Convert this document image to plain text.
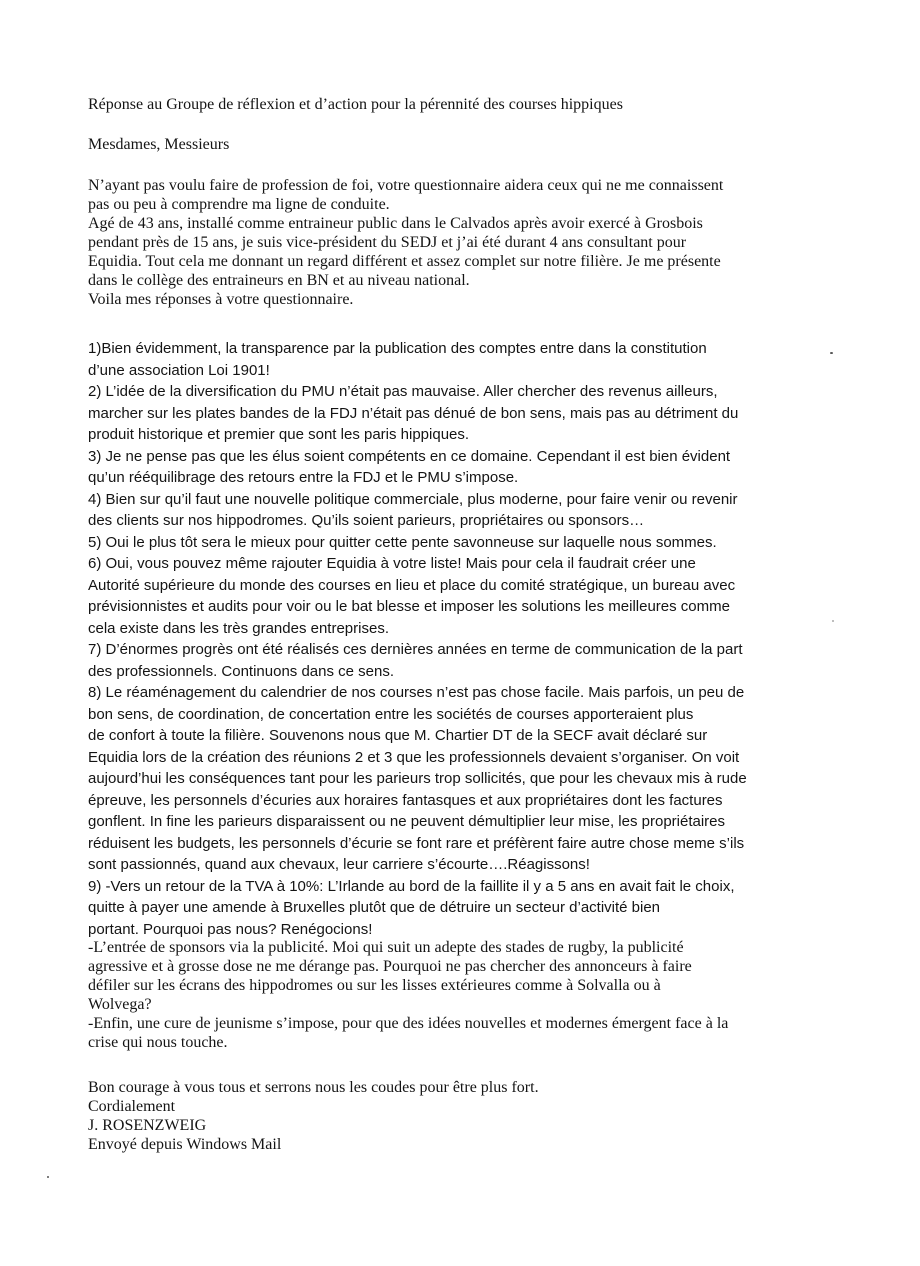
Réponse au Groupe de réflexion et d’action pour la pérennité des courses hippiques
Mesdames, Messieurs
N’ayant pas voulu faire de profession de foi, votre questionnaire aidera ceux qui ne me connaissent
pas ou peu à comprendre ma ligne de conduite.
Agé de 43 ans, installé comme entraineur public dans le Calvados après avoir exercé à Grosbois
pendant près de 15 ans, je suis vice-président du SEDJ et j’ai été durant 4 ans consultant pour
Equidia. Tout cela me donnant un regard différent et assez complet sur notre filière. Je me présente
dans le collège des entraineurs en BN et au niveau national.
Voila mes réponses à votre questionnaire.
1)Bien évidemment, la transparence par la publication des comptes entre dans la constitution
d’une association Loi 1901!
2) L’idée de la diversification du PMU n’était pas mauvaise. Aller chercher des revenus ailleurs,
marcher sur les plates bandes de la FDJ n’était pas dénué de bon sens, mais pas au détriment du
produit historique et premier que sont les paris hippiques.
3) Je ne pense pas que les élus soient compétents en ce domaine. Cependant il est bien évident
qu’un rééquilibrage des retours entre la FDJ et le PMU s’impose.
4) Bien sur qu’il faut une nouvelle politique commerciale, plus moderne, pour faire venir ou revenir
des clients sur nos hippodromes. Qu’ils soient parieurs, propriétaires ou sponsors…
5) Oui le plus tôt sera le mieux pour quitter cette pente savonneuse sur laquelle nous sommes.
6) Oui, vous pouvez même rajouter Equidia à votre liste! Mais pour cela il faudrait créer une
Autorité supérieure du monde des courses en lieu et place du comité stratégique, un bureau avec
prévisionnistes et audits pour voir ou le bat blesse et imposer les solutions les meilleures comme
cela existe dans les très grandes entreprises.
7) D’énormes progrès ont été réalisés ces dernières années en terme de communication de la part
des professionnels. Continuons dans ce sens.
8) Le réaménagement du calendrier de nos courses n’est pas chose facile. Mais parfois, un peu de
bon sens, de coordination, de concertation entre les sociétés de courses apporteraient plus
de confort à toute la filière. Souvenons nous que M. Chartier DT de la SECF avait déclaré sur
Equidia lors de la création des réunions 2 et 3 que les professionnels devaient s’organiser. On voit
aujourd’hui les conséquences tant pour les parieurs trop sollicités, que pour les chevaux mis à rude
épreuve, les personnels d’écuries aux horaires fantasques et aux propriétaires dont les factures
gonflent. In fine les parieurs disparaissent ou ne peuvent démultiplier leur mise, les propriétaires
réduisent les budgets, les personnels d’écurie se font rare et préfèrent faire autre chose meme s’ils
sont passionnés, quand aux chevaux, leur carriere s’écourte….Réagissons!
9) -Vers un retour de la TVA à 10%: L’Irlande au bord de la faillite il y a 5 ans en avait fait le choix,
quitte à payer une amende à Bruxelles plutôt que de détruire un secteur d’activité bien
portant. Pourquoi pas nous? Renégocions!
-L’entrée de sponsors via la publicité. Moi qui suit un adepte des stades de rugby, la publicité
agressive et à grosse dose ne me dérange pas. Pourquoi ne pas chercher des annonceurs à faire
défiler sur les écrans des hippodromes ou sur les lisses extérieures comme à Solvalla ou à
Wolvega?
-Enfin, une cure de jeunisme s’impose, pour que des idées nouvelles et modernes émergent face à la
crise qui nous touche.
Bon courage à vous tous et serrons nous les coudes pour être plus fort.
Cordialement
J. ROSENZWEIG
Envoyé depuis Windows Mail
